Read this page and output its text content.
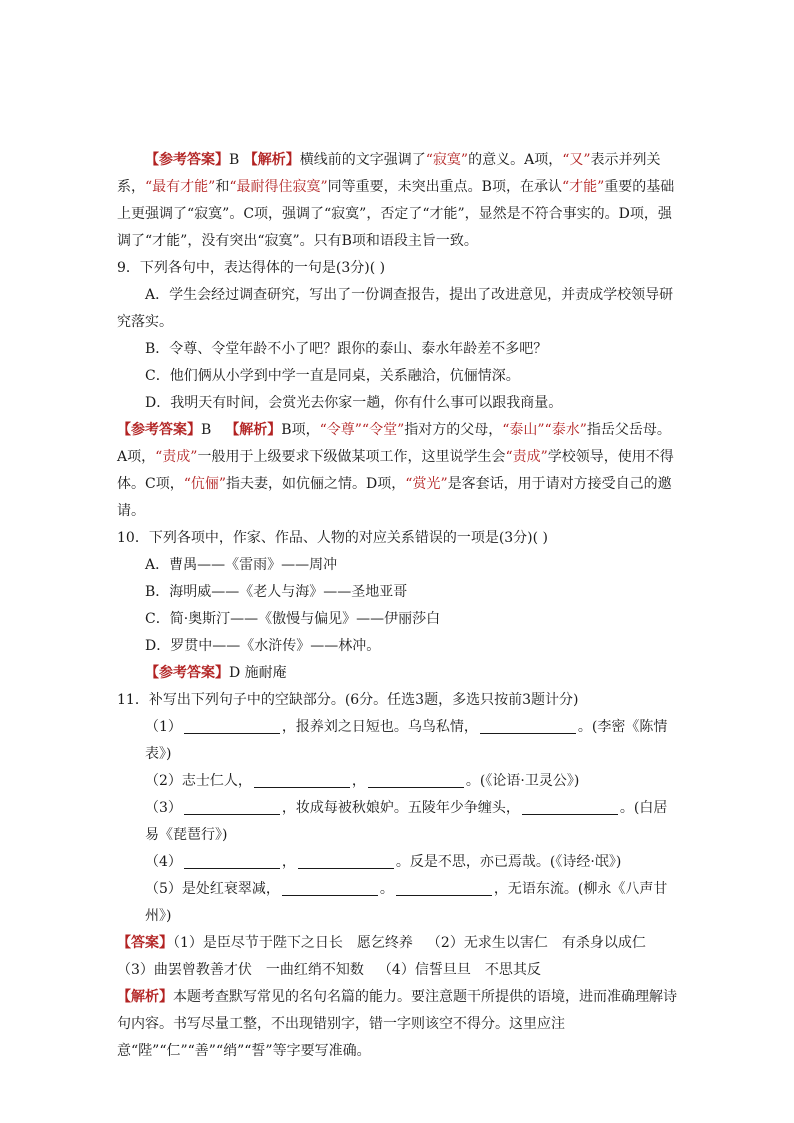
【参考答案】B 【解析】横线前的文字强调了“寂寞”的意义。A项，“又”表示并列关系，“最有才能”和“最耐得住寂寞”同等重要，未突出重点。B项，在承认“才能”重要的基础上更强调了“寂寞”。C项，强调了“寂寞”，否定了“才能”，显然是不符合事实的。D项，强调了“才能”，没有突出“寂寞”。只有B项和语段主旨一致。

9．下列各句中，表达得体的一句是(3分)( )

A．学生会经过调查研究，写出了一份调查报告，提出了改进意见，并责成学校领导研究落实。

B．令尊、令堂年龄不小了吧？跟你的泰山、泰水年龄差不多吧？

C．他们俩从小学到中学一直是同桌，关系融洽，伉俪情深。

D．我明天有时间，会赏光去你家一趟，你有什么事可以跟我商量。

【参考答案】B 【解析】B项，“令尊”“令堂”指对方的父母，“泰山”“泰水”指岳父岳母。A项，“责成”一般用于上级要求下级做某项工作，这里说学生会“责成”学校领导，使用不得体。C项，“伉俪”指夫妻，如伉俪之情。D项，“赏光”是客套话，用于请对方接受自己的邀请。

10．下列各项中，作家、作品、人物的对应关系错误的一项是(3分)( )

A．曹禺——《雷雨》——周冲

B．海明威——《老人与海》——圣地亚哥

C．简·奥斯汀——《傲慢与偏见》——伊丽莎白

D．罗贯中——《水浒传》——林冲。

【参考答案】D 施耐庵

11．补写出下列句子中的空缺部分。(6分。任选3题，多选只按前3题计分)

（1）	，报养刘之日短也。乌鸟私情，	。(李密《陈情表》)

（2）志士仁人，	，	。(《论语·卫灵公》)

（3）	，妆成每被秋娘妒。五陵年少争缠头，	。(白居易《琵琶行》)

（4）	，	。反是不思，亦已焉哉。(《诗经·氓》)

（5）是处红衰翠减，	。	，无语东流。(柳永《八声甘州》)

【答案】（1）是臣尽节于陛下之日长 愿乞终养 （2）无求生以害仁 有杀身以成仁

（3）曲罢曾教善才伏 一曲红绡不知数 （4）信誓旦旦 不思其反

【解析】本题考查默写常见的名句名篇的能力。要注意题干所提供的语境，进而准确理解诗句内容。书写尽量工整，不出现错别字，错一字则该空不得分。这里应注意“陛”“仁”“善”“绡”“誓”等字要写准确。
